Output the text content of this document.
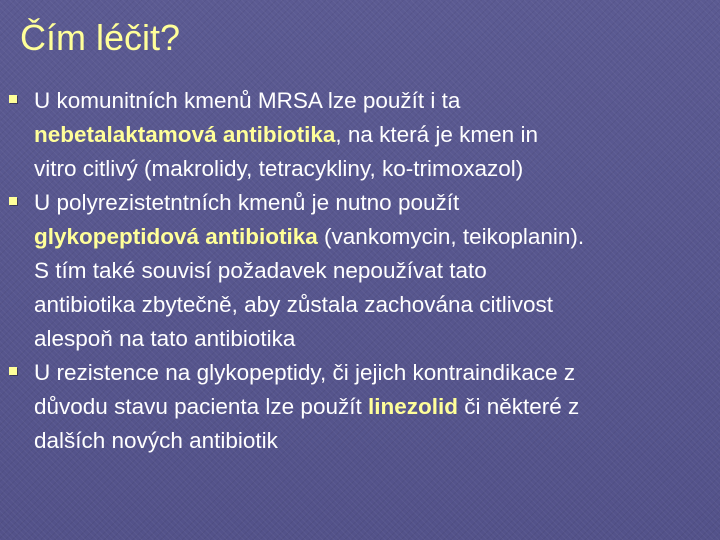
Čím léčit?
U komunitních kmenů MRSA lze použít i ta
nebetalaktamová antibiotika, na která je kmen in
vitro citlivý (makrolidy, tetracykliny, ko-trimoxazol)
U polyrezistetntních kmenů je nutno použít
glykopeptidová antibiotika (vankomycin, teikoplanin).
S tím také souvisí požadavek nepoužívat tato
antibiotika zbytečně, aby zůstala zachována citlivost
alespoň na tato antibiotika
U rezistence na glykopeptidy, či jejich kontraindikace z
důvodu stavu pacienta lze použít linezolid či některé z
dalších nových antibiotik
